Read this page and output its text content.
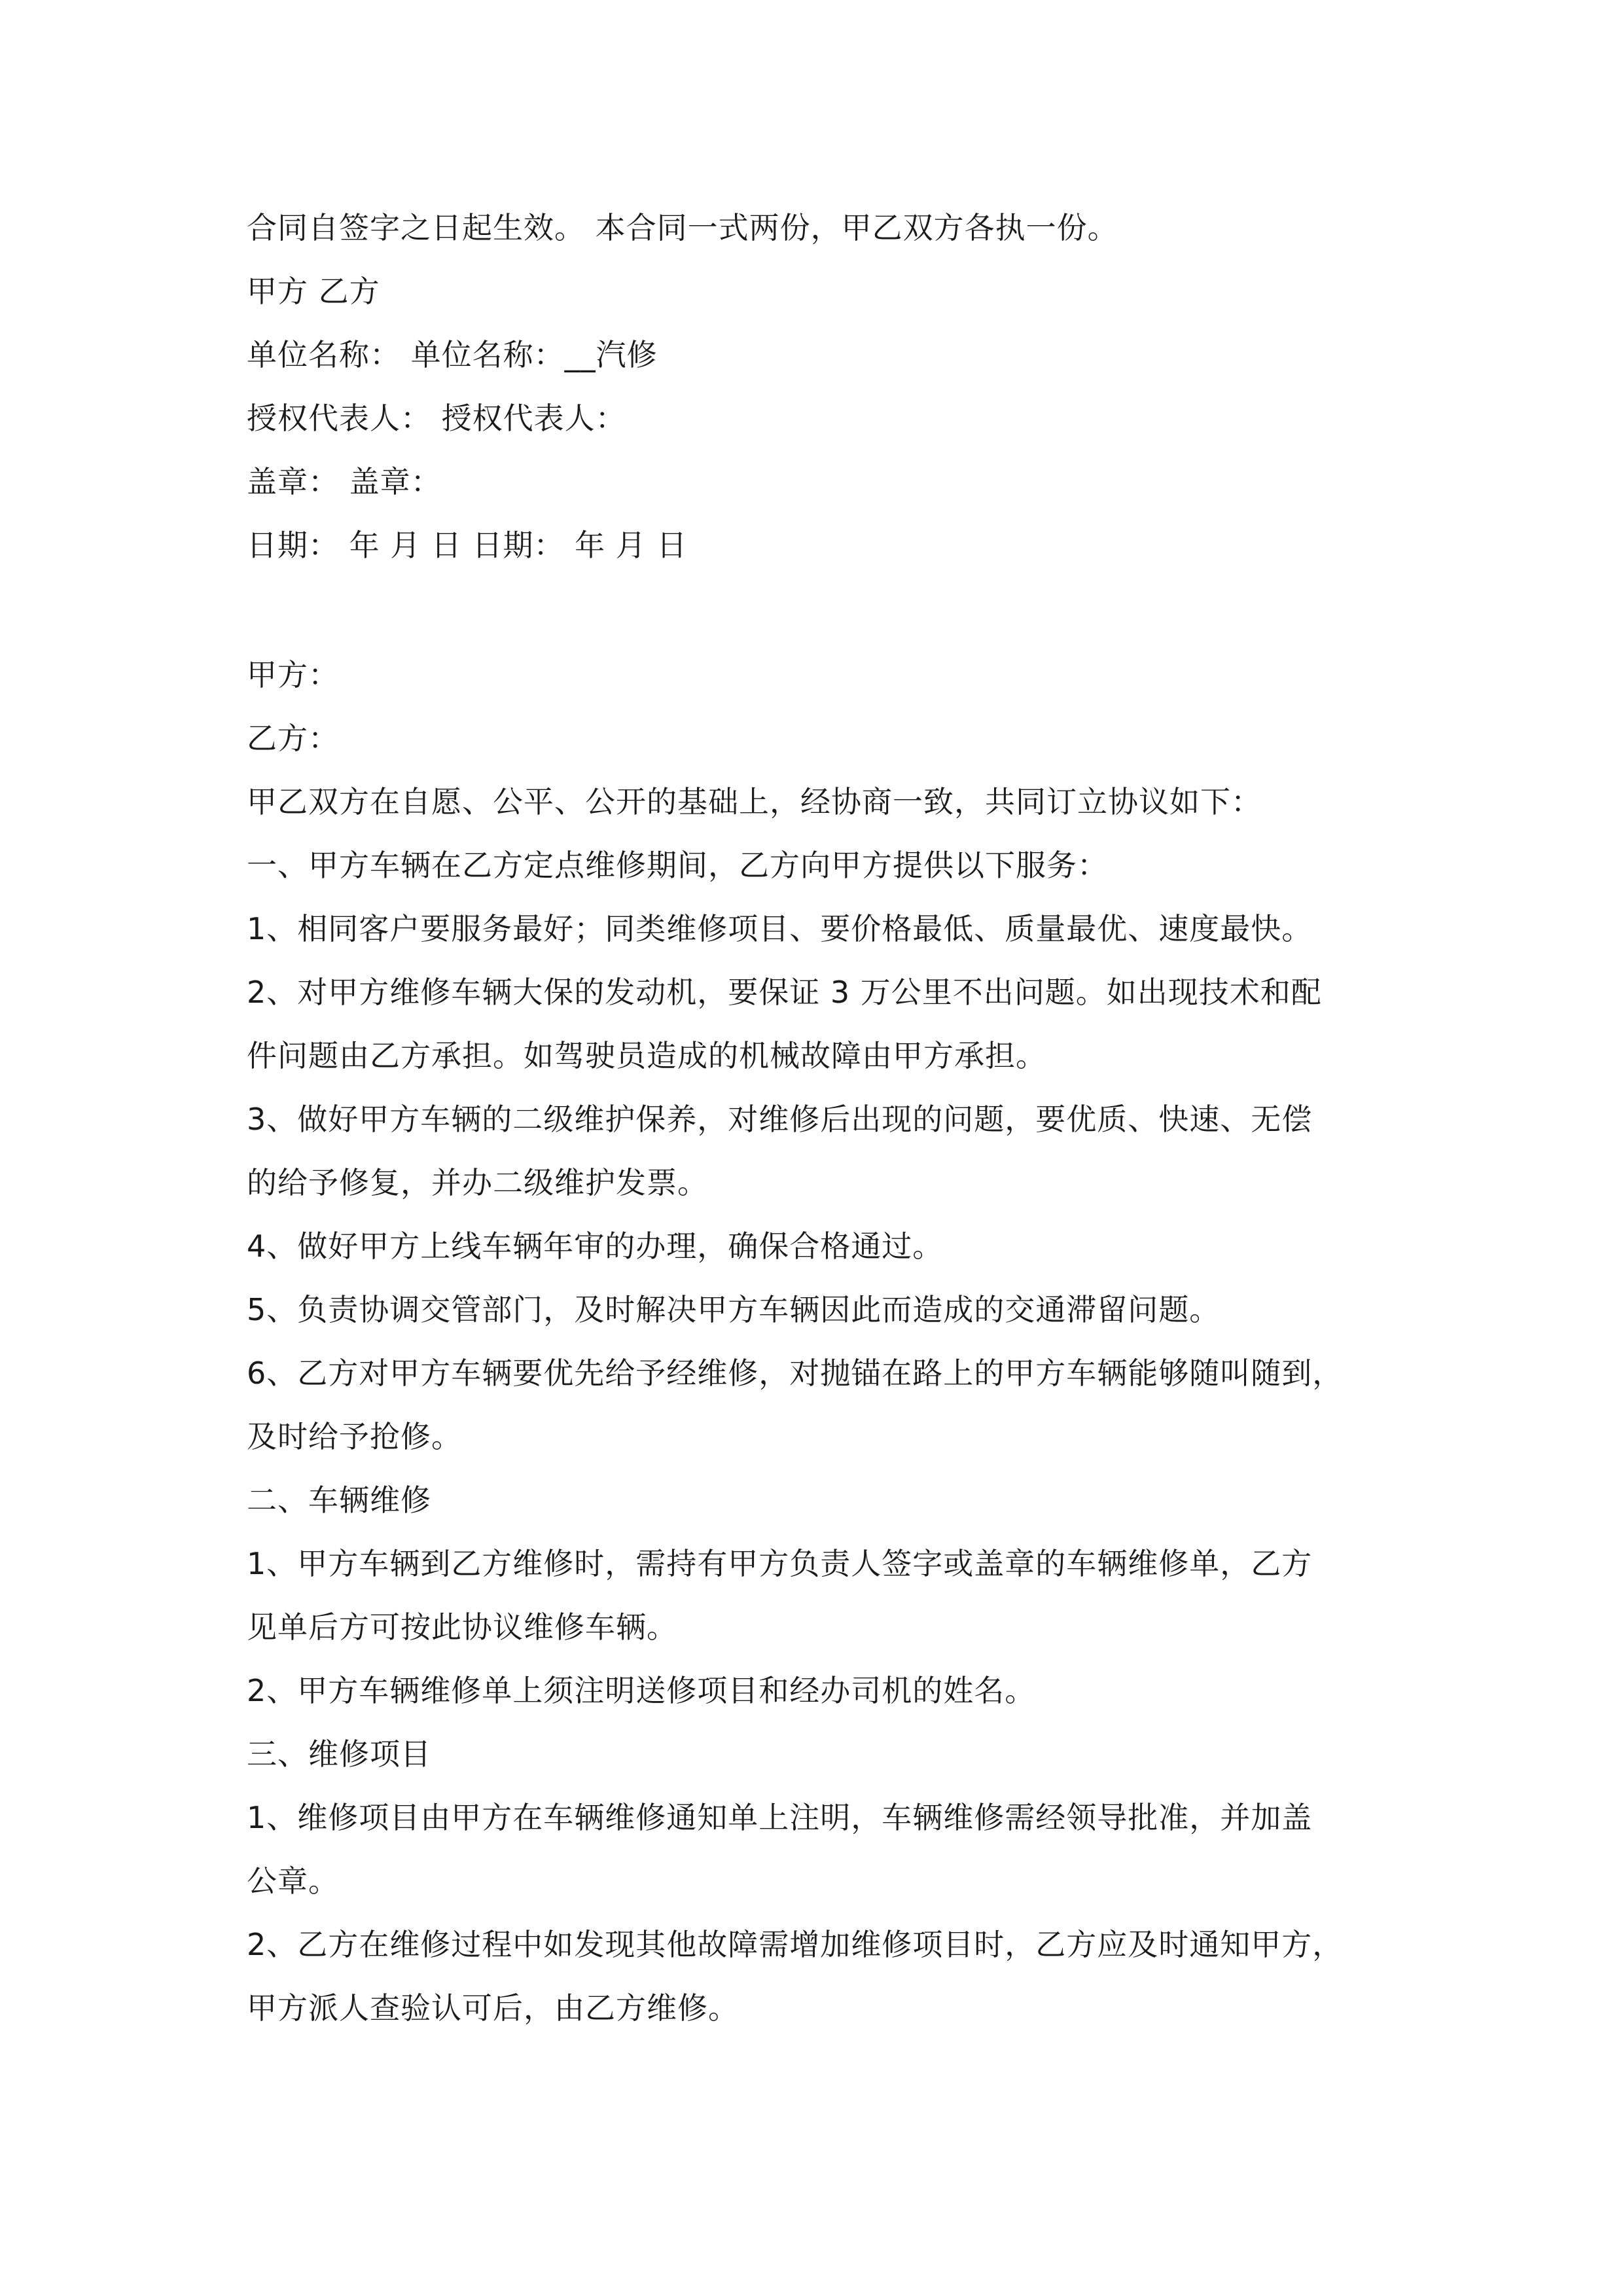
合同自签字之日起生效。 本合同一式两份，甲乙双方各执一份。
甲方 乙方
单位名称： 单位名称：__汽修
授权代表人： 授权代表人：
盖章： 盖章：
日期： 年 月 日 日期： 年 月 日
甲方：
乙方：
甲乙双方在自愿、公平、公开的基础上，经协商一致，共同订立协议如下：
一、甲方车辆在乙方定点维修期间，乙方向甲方提供以下服务：
1、相同客户要服务最好；同类维修项目、要价格最低、质量最优、速度最快。
2、对甲方维修车辆大保的发动机，要保证 3 万公里不出问题。如出现技术和配
件问题由乙方承担。如驾驶员造成的机械故障由甲方承担。
3、做好甲方车辆的二级维护保养，对维修后出现的问题，要优质、快速、无偿
的给予修复，并办二级维护发票。
4、做好甲方上线车辆年审的办理，确保合格通过。
5、负责协调交管部门，及时解决甲方车辆因此而造成的交通滞留问题。
6、乙方对甲方车辆要优先给予经维修，对抛锚在路上的甲方车辆能够随叫随到，
及时给予抢修。
二、车辆维修
1、甲方车辆到乙方维修时，需持有甲方负责人签字或盖章的车辆维修单，乙方
见单后方可按此协议维修车辆。
2、甲方车辆维修单上须注明送修项目和经办司机的姓名。
三、维修项目
1、维修项目由甲方在车辆维修通知单上注明，车辆维修需经领导批准，并加盖
公章。
2、乙方在维修过程中如发现其他故障需增加维修项目时，乙方应及时通知甲方，
甲方派人查验认可后，由乙方维修。
